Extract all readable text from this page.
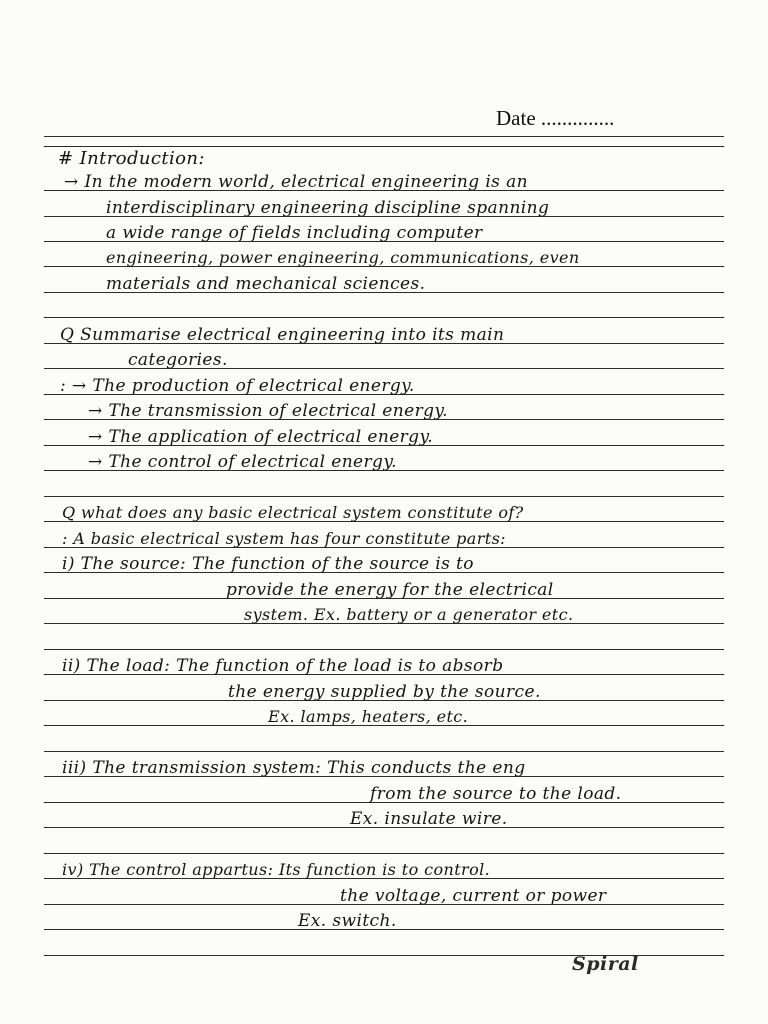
Date ..............
# Introduction:
→ In the modern world, electrical engineering is an
interdisciplinary engineering discipline spanning
a wide range of fields including computer
engineering, power engineering, communications, even
materials and mechanical sciences.
Q Summarise electrical engineering into its main
categories.
: → The production of electrical energy.
→ The transmission of electrical energy.
→ The application of electrical energy.
→ The control of electrical energy.
Q what does any basic electrical system constitute of?
: A basic electrical system has four constitute parts:
i) The source: The function of the source is to
provide the energy for the electrical
system. Ex. battery or a generator etc.
ii) The load: The function of the load is to absorb
the energy supplied by the source.
Ex. lamps, heaters, etc.
iii) The transmission system: This conducts the eng
from the source to the load.
Ex. insulate wire.
iv) The control appartus: Its function is to control.
the voltage, current or power
Ex. switch.
Spiral
